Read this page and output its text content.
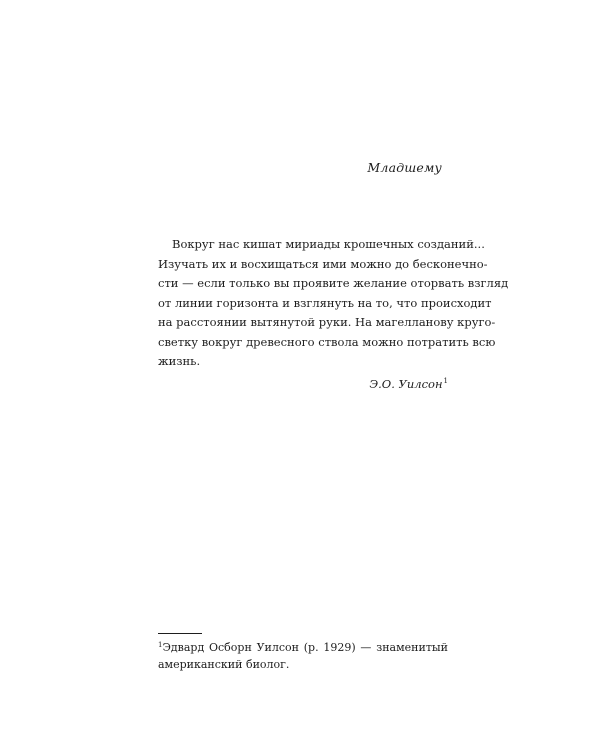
Младшему

Вокруг нас кишат мириады крошечных созданий...
Изучать их и восхищаться ими можно до бесконечно-
сти — если только вы проявите желание оторвать взгляд
от линии горизонта и взглянуть на то, что происходит
на расстоянии вытянутой руки. На магелланову круго-
светку вокруг древесного ствола можно потратить всю
жизнь.

Э.О. Уилсон$^1$
$^1$Эдвард Осборн Уилсон (р. 1929) — знаменитый
американский биолог.
